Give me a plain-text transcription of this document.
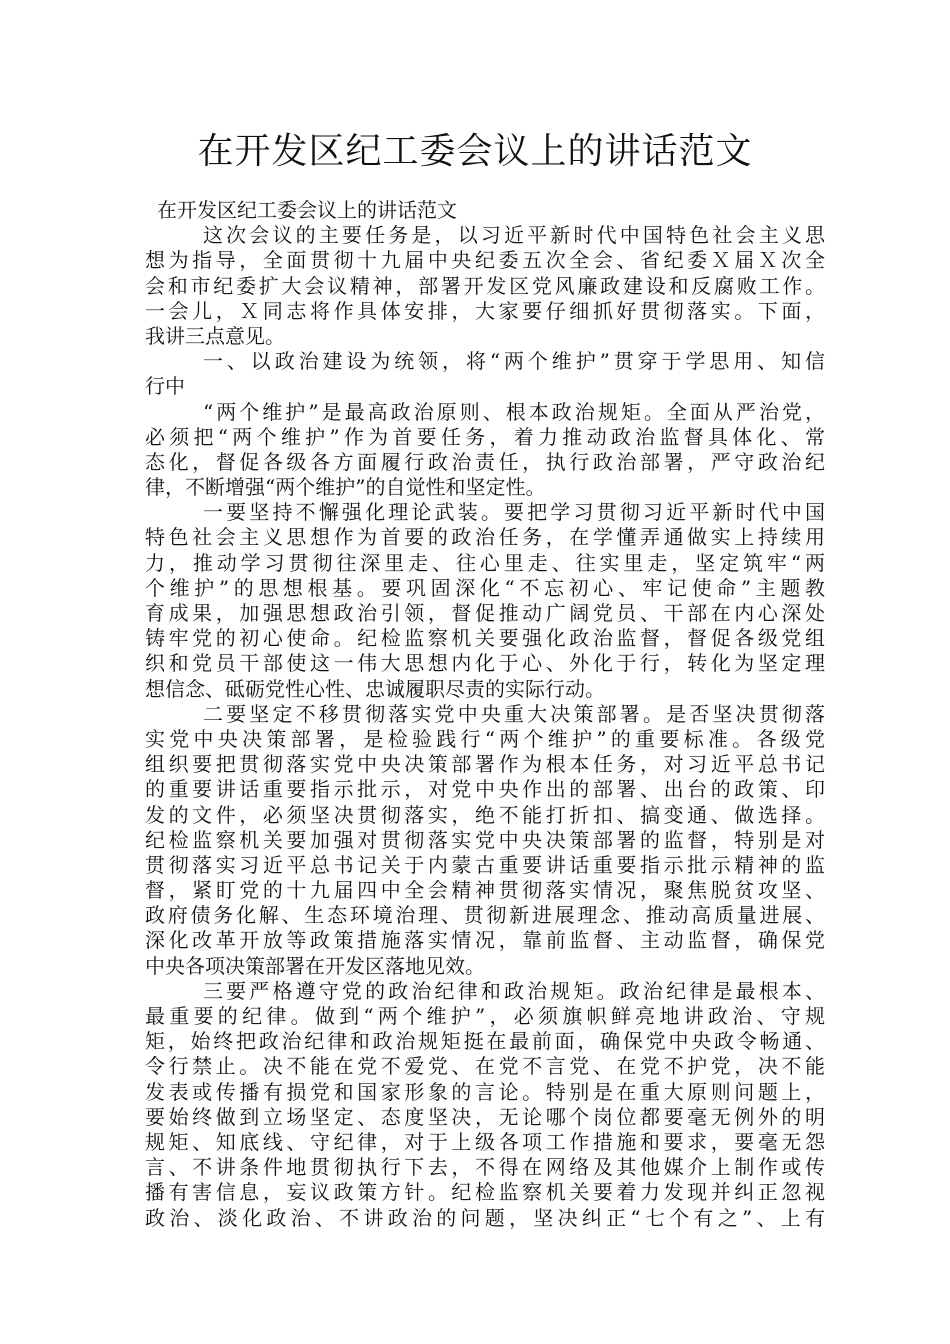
在开发区纪工委会议上的讲话范文
在开发区纪工委会议上的讲话范文
这次会议的主要任务是，以习近平新时代中国特色社会主义思
想为指导，全面贯彻十九届中央纪委五次全会、省纪委Ｘ届Ｘ次全
会和市纪委扩大会议精神，部署开发区党风廉政建设和反腐败工作。
一会儿，Ｘ同志将作具体安排，大家要仔细抓好贯彻落实。下面，
我讲三点意见。
一、以政治建设为统领，将“两个维护”贯穿于学思用、知信
行中
“两个维护”是最高政治原则、根本政治规矩。全面从严治党，
必须把“两个维护”作为首要任务，着力推动政治监督具体化、常
态化，督促各级各方面履行政治责任，执行政治部署，严守政治纪
律，不断增强“两个维护”的自觉性和坚定性。
一要坚持不懈强化理论武装。要把学习贯彻习近平新时代中国
特色社会主义思想作为首要的政治任务，在学懂弄通做实上持续用
力，推动学习贯彻往深里走、往心里走、往实里走，坚定筑牢“两
个维护”的思想根基。要巩固深化“不忘初心、牢记使命”主题教
育成果，加强思想政治引领，督促推动广阔党员、干部在内心深处
铸牢党的初心使命。纪检监察机关要强化政治监督，督促各级党组
织和党员干部使这一伟大思想内化于心、外化于行，转化为坚定理
想信念、砥砺党性心性、忠诚履职尽责的实际行动。
二要坚定不移贯彻落实党中央重大决策部署。是否坚决贯彻落
实党中央决策部署，是检验践行“两个维护”的重要标准。各级党
组织要把贯彻落实党中央决策部署作为根本任务，对习近平总书记
的重要讲话重要指示批示，对党中央作出的部署、出台的政策、印
发的文件，必须坚决贯彻落实，绝不能打折扣、搞变通、做选择。
纪检监察机关要加强对贯彻落实党中央决策部署的监督，特别是对
贯彻落实习近平总书记关于内蒙古重要讲话重要指示批示精神的监
督，紧盯党的十九届四中全会精神贯彻落实情况，聚焦脱贫攻坚、
政府债务化解、生态环境治理、贯彻新进展理念、推动高质量进展、
深化改革开放等政策措施落实情况，靠前监督、主动监督，确保党
中央各项决策部署在开发区落地见效。
三要严格遵守党的政治纪律和政治规矩。政治纪律是最根本、
最重要的纪律。做到“两个维护”，必须旗帜鲜亮地讲政治、守规
矩，始终把政治纪律和政治规矩挺在最前面，确保党中央政令畅通、
令行禁止。决不能在党不爱党、在党不言党、在党不护党，决不能
发表或传播有损党和国家形象的言论。特别是在重大原则问题上，
要始终做到立场坚定、态度坚决，无论哪个岗位都要毫无例外的明
规矩、知底线、守纪律，对于上级各项工作措施和要求，要毫无怨
言、不讲条件地贯彻执行下去，不得在网络及其他媒介上制作或传
播有害信息，妄议政策方针。纪检监察机关要着力发现并纠正忽视
政治、淡化政治、不讲政治的问题，坚决纠正“七个有之”、上有
